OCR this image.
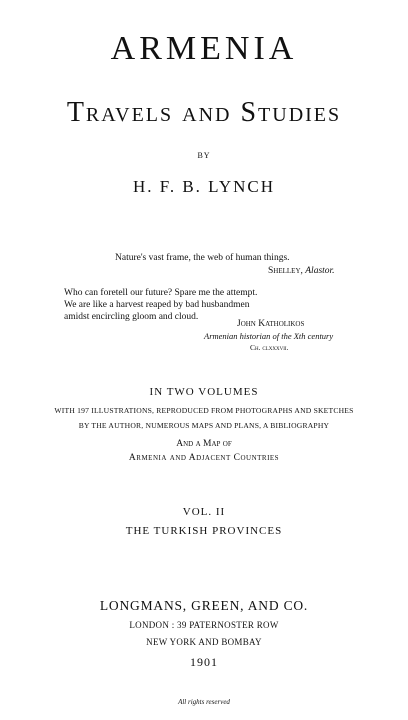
ARMENIA
Travels and Studies
BY
H. F. B. LYNCH
Nature's vast frame, the web of human things.
Shelley, Alastor.
Who can foretell our future? Spare me the attempt.
We are like a harvest reaped by bad husbandmen
amidst encircling gloom and cloud.
John Katholikos
Armenian historian of the Xth century
Ch. clxxxvii.
IN TWO VOLUMES
WITH 197 ILLUSTRATIONS, REPRODUCED FROM PHOTOGRAPHS AND SKETCHES
BY THE AUTHOR, NUMEROUS MAPS AND PLANS, A BIBLIOGRAPHY
And a Map of
Armenia and Adjacent Countries
VOL. II
THE TURKISH PROVINCES
LONGMANS, GREEN, AND CO.
LONDON : 39 PATERNOSTER ROW
NEW YORK AND BOMBAY
1901
All rights reserved
